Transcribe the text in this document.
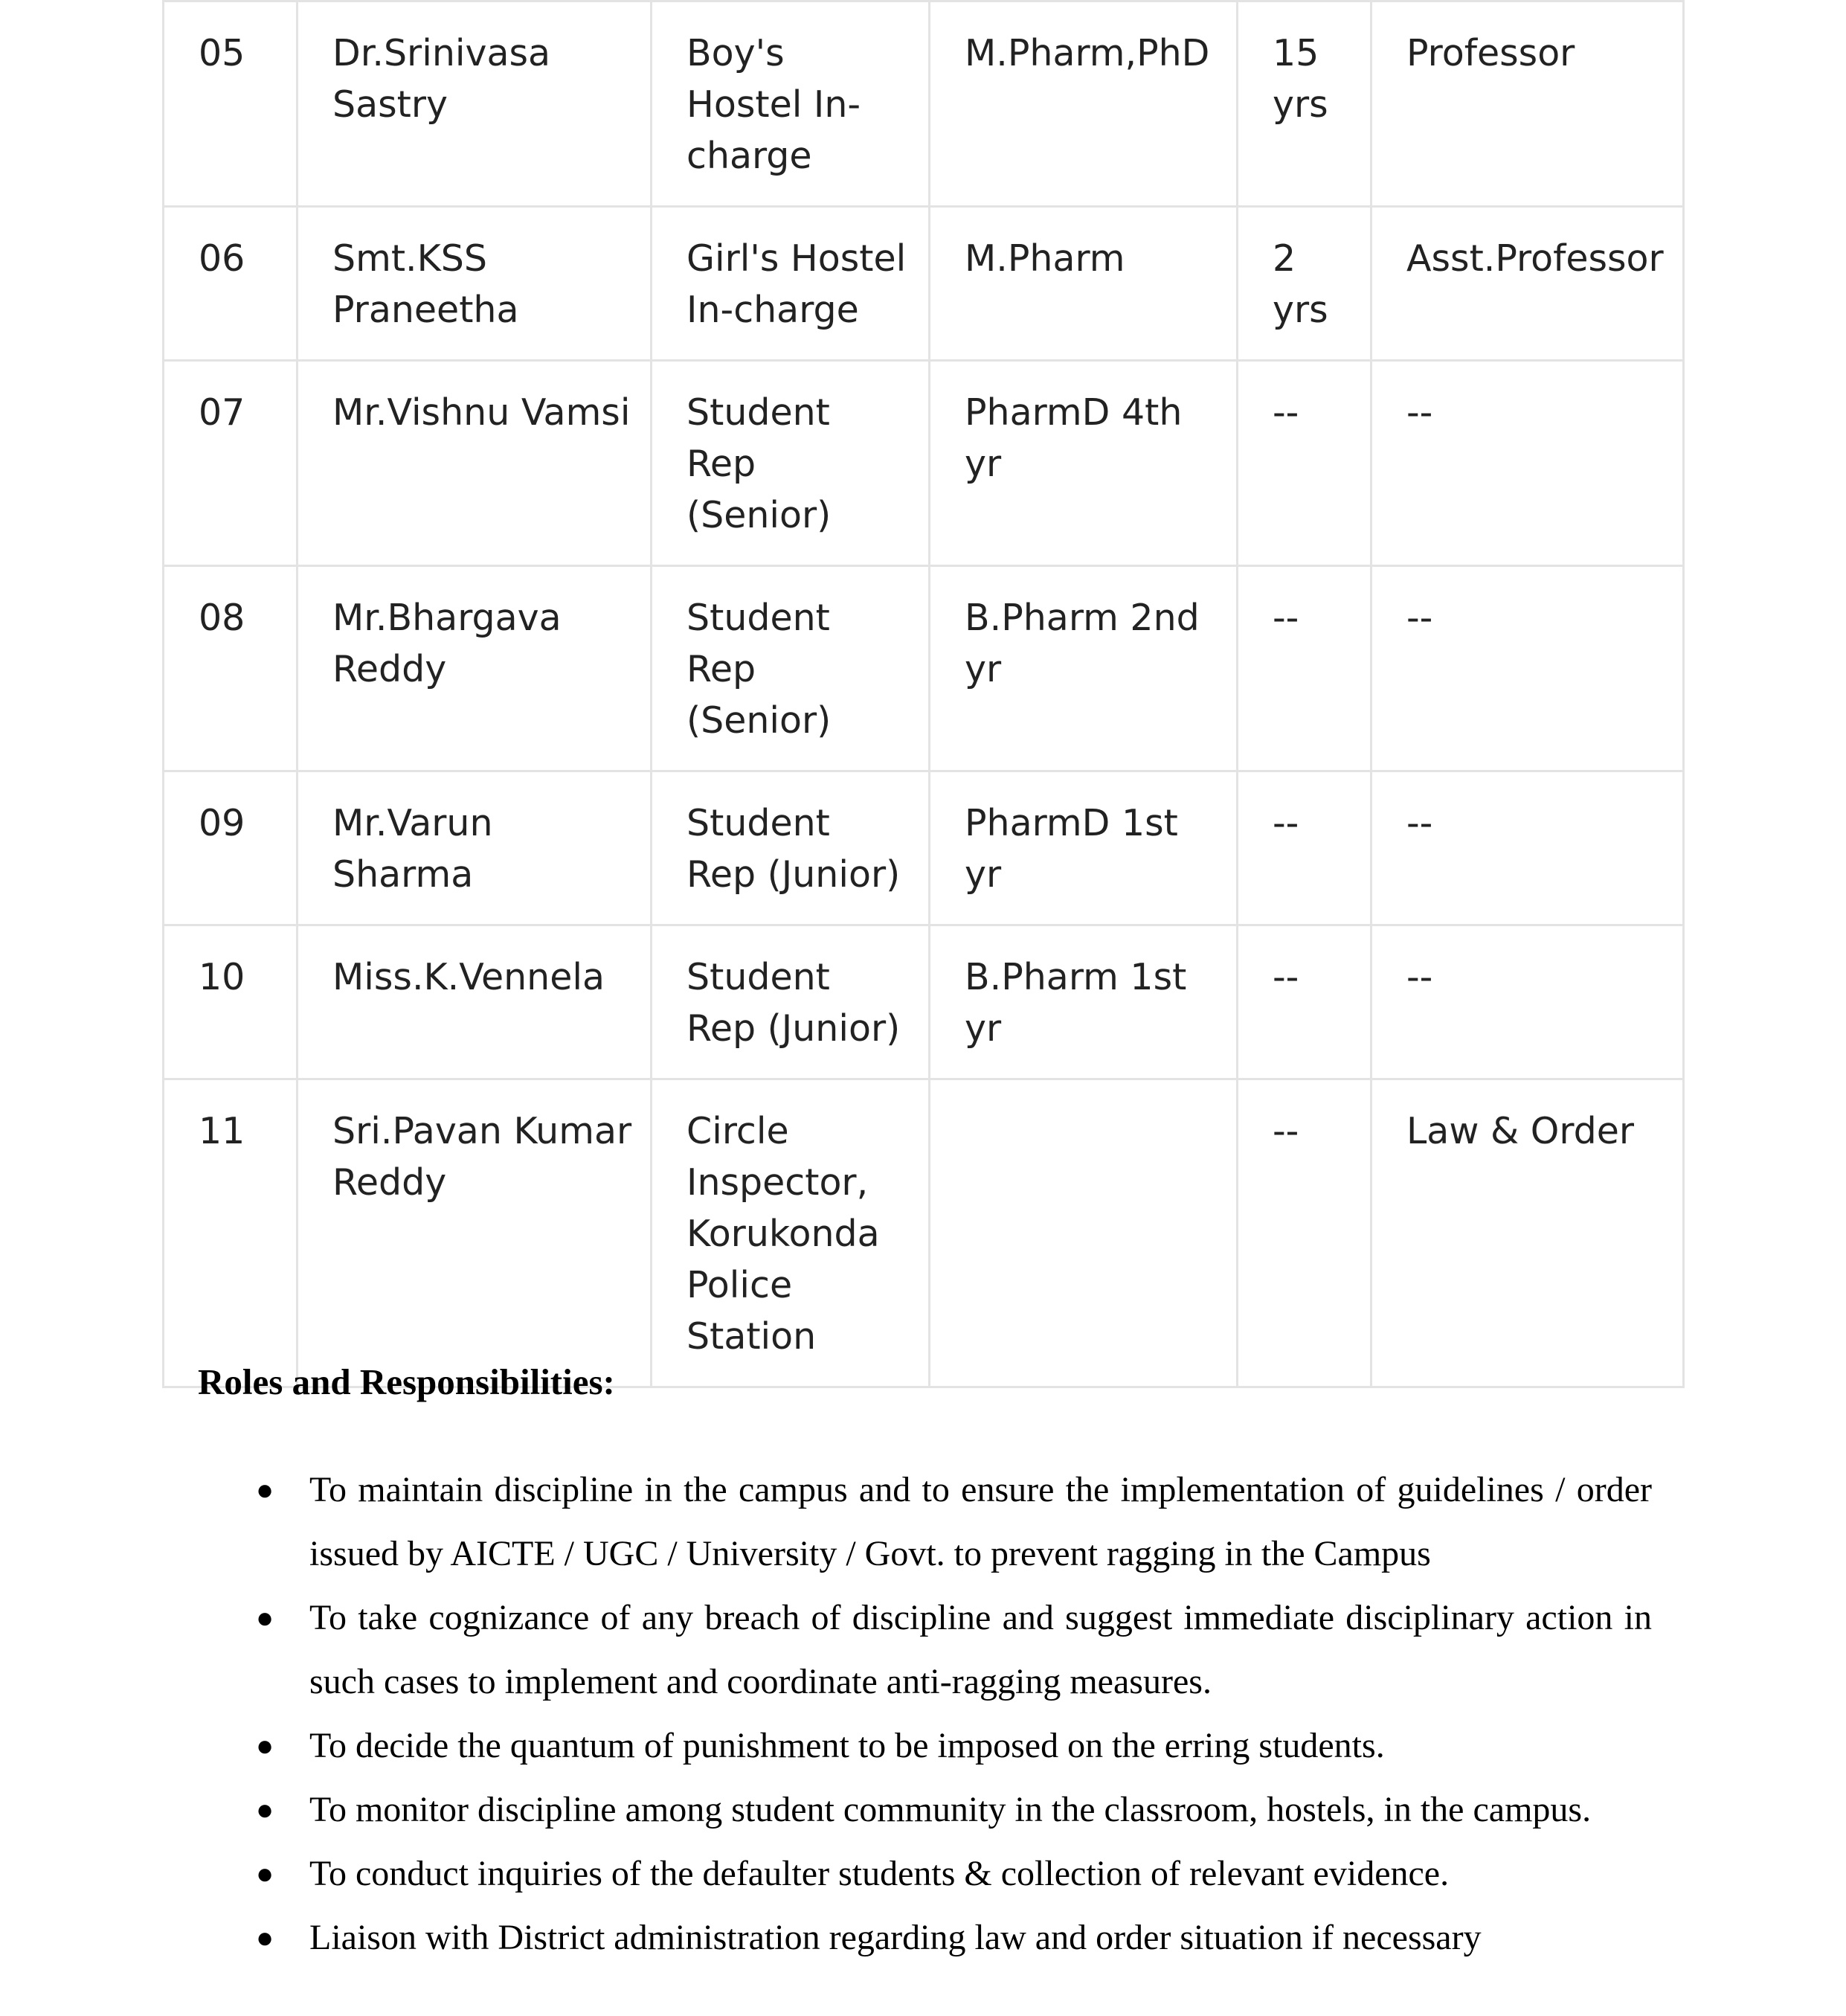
05	Dr.Srinivasa Sastry	Boy's Hostel In-charge	M.Pharm,PhD	15 yrs	Professor
06	Smt.KSS Praneetha	Girl's Hostel In-charge	M.Pharm	2 yrs	Asst.Professor
07	Mr.Vishnu Vamsi	Student Rep (Senior)	PharmD 4th yr	--	--
08	Mr.Bhargava Reddy	Student Rep (Senior)	B.Pharm 2nd yr	--	--
09	Mr.Varun Sharma	Student Rep (Junior)	PharmD 1st yr	--	--
10	Miss.K.Vennela	Student Rep (Junior)	B.Pharm 1st yr	--	--
11	Sri.Pavan Kumar Reddy	Circle Inspector, Korukonda Police Station		--	Law & Order
Roles and Responsibilities:
● To maintain discipline in the campus and to ensure the implementation of guidelines / order issued by AICTE / UGC / University / Govt. to prevent ragging in the Campus
● To take cognizance of any breach of discipline and suggest immediate disciplinary action in such cases to implement and coordinate anti-ragging measures.
● To decide the quantum of punishment to be imposed on the erring students.
● To monitor discipline among student community in the classroom, hostels, in the campus.
● To conduct inquiries of the defaulter students & collection of relevant evidence.
● Liaison with District administration regarding law and order situation if necessary
